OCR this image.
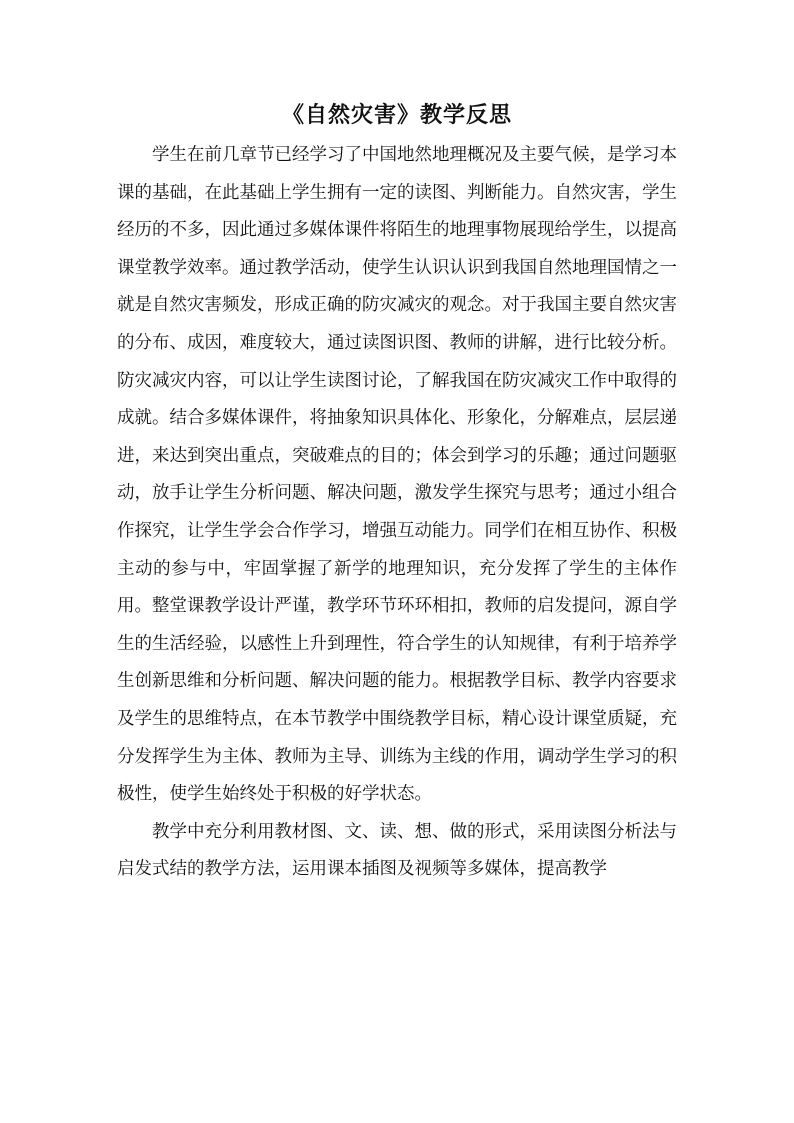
《自然灾害》教学反思

学生在前几章节已经学习了中国地然地理概况及主要气候，是学习本课的基础，在此基础上学生拥有一定的读图、判断能力。自然灾害，学生经历的不多，因此通过多媒体课件将陌生的地理事物展现给学生，以提高课堂教学效率。通过教学活动，使学生认识认识到我国自然地理国情之一就是自然灾害频发，形成正确的防灾减灾的观念。对于我国主要自然灾害的分布、成因，难度较大，通过读图识图、教师的讲解，进行比较分析。防灾减灾内容，可以让学生读图讨论，了解我国在防灾减灾工作中取得的成就。结合多媒体课件，将抽象知识具体化、形象化，分解难点，层层递进，来达到突出重点，突破难点的目的；体会到学习的乐趣；通过问题驱动，放手让学生分析问题、解决问题，激发学生探究与思考；通过小组合作探究，让学生学会合作学习，增强互动能力。同学们在相互协作、积极主动的参与中，牢固掌握了新学的地理知识，充分发挥了学生的主体作用。整堂课教学设计严谨，教学环节环环相扣，教师的启发提问，源自学生的生活经验，以感性上升到理性，符合学生的认知规律，有利于培养学生创新思维和分析问题、解决问题的能力。根据教学目标、教学内容要求及学生的思维特点，在本节教学中围绕教学目标，精心设计课堂质疑，充分发挥学生为主体、教师为主导、训练为主线的作用，调动学生学习的积极性，使学生始终处于积极的好学状态。

教学中充分利用教材图、文、读、想、做的形式，采用读图分析法与启发式结的教学方法，运用课本插图及视频等多媒体，提高教学
